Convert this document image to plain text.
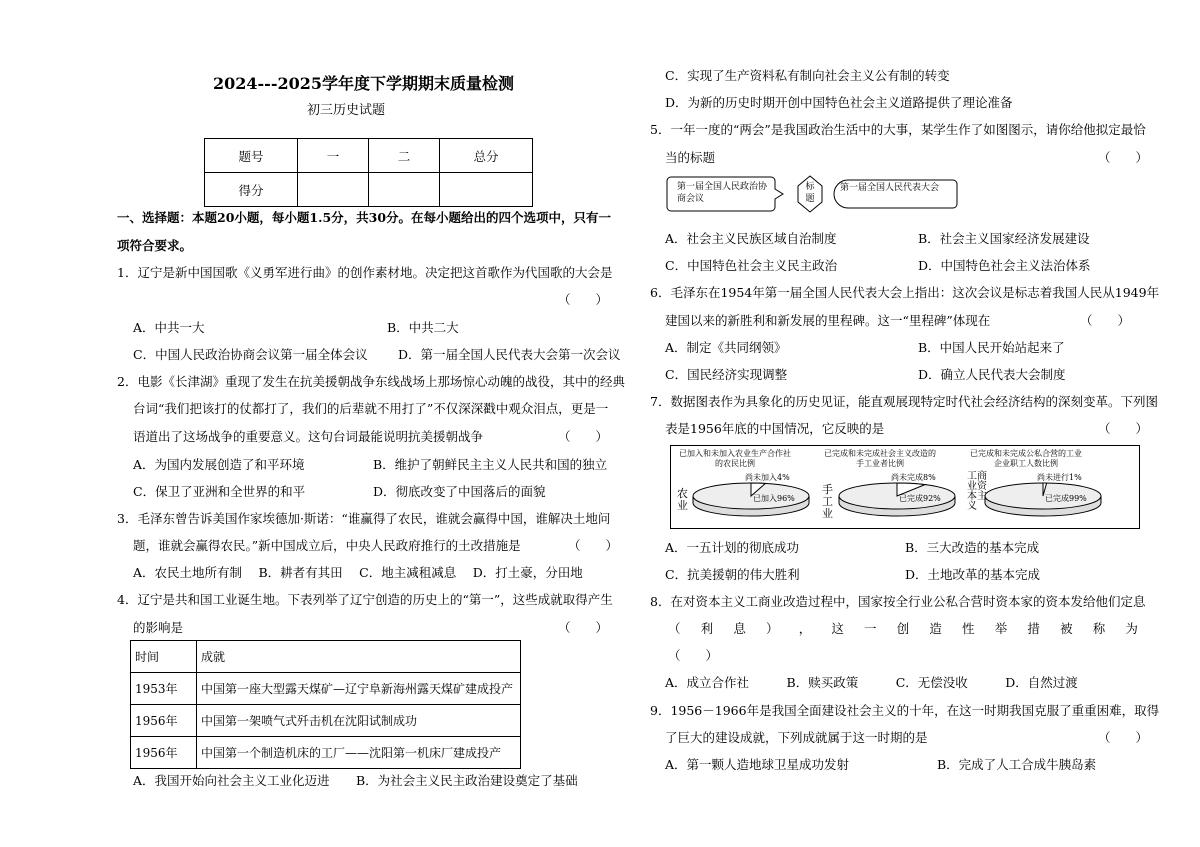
2024---2025学年度下学期期末质量检测
初三历史试题
题号	一	二	总分
得分			
一、选择题：本题20小题，每小题1.5分，共30分。在每小题给出的四个选项中，只有一
项符合要求。
1．辽宁是新中国国歌《义勇军进行曲》的创作素材地。决定把这首歌作为代国歌的大会是
（　　）
A．中共一大	B．中共二大
C．中国人民政治协商会议第一届全体会议 D．第一届全国人民代表大会第一次会议
2．电影《长津湖》重现了发生在抗美援朝战争东线战场上那场惊心动魄的战役，其中的经典
台词“我们把该打的仗都打了，我们的后辈就不用打了”不仅深深戳中观众泪点，更是一
语道出了这场战争的重要意义。这句台词最能说明抗美援朝战争	（　　）
A．为国内发展创造了和平环境	B．维护了朝鲜民主主义人民共和国的独立
C．保卫了亚洲和全世界的和平	D．彻底改变了中国落后的面貌
3．毛泽东曾告诉美国作家埃德加·斯诺：“谁赢得了农民，谁就会赢得中国，谁解决土地问
题，谁就会赢得农民。”新中国成立后，中央人民政府推行的土改措施是	（　　）
A．农民土地所有制　 B．耕者有其田　 C．地主减租减息　 D．打土豪，分田地
4．辽宁是共和国工业诞生地。下表列举了辽宁创造的历史上的“第一”，这些成就取得产生
的影响是	（　　）
时间	成就
1953年	中国第一座大型露天煤矿—辽宁阜新海州露天煤矿建成投产
1956年	中国第一架喷气式歼击机在沈阳试制成功
1956年	中国第一个制造机床的工厂——沈阳第一机床厂建成投产
A．我国开始向社会主义工业化迈进 B．为社会主义民主政治建设奠定了基础
C．实现了生产资料私有制向社会主义公有制的转变
D．为新的历史时期开创中国特色社会主义道路提供了理论准备
5．一年一度的“两会”是我国政治生活中的大事，某学生作了如图图示，请你给他拟定最恰
当的标题	（　　）
第一届全国人民政治协商会议
标题
第一届全国人民代表大会
A．社会主义民族区域自治制度	B．社会主义国家经济发展建设
C．中国特色社会主义民主政治	D．中国特色社会主义法治体系
6．毛泽东在1954年第一届全国人民代表大会上指出：这次会议是标志着我国人民从1949年
建国以来的新胜利和新发展的里程碑。这一“里程碑”体现在	（　　）
A．制定《共同纲领》	B．中国人民开始站起来了
C．国民经济实现调整	D．确立人民代表大会制度
7．数据图表作为具象化的历史见证，能直观展现特定时代社会经济结构的深刻变革。下列图
表是1956年底的中国情况，它反映的是	（　　）
已加入和未加入农业生产合作社的农民比例
已完成和未完成社会主义改造的手工业者比例
已完成和未完成公私合营的工业企业职工人数比例
已加入96%
尚未加入4%
已完成92%
尚未完成8%
已完成99%
尚未进行1%
农业
手工业
工商业资本主义
A．一五计划的彻底成功	B．三大改造的基本完成
C．抗美援朝的伟大胜利	D．土地改革的基本完成
8．在对资本主义工商业改造过程中，国家按全行业公私合营时资本家的资本发给他们定息
（ 利 息 ） ， 这 一 创 造 性 举 措 被 称 为
（　　）
A．成立合作社　　　B．赎买政策　　　C．无偿没收　　　D．自然过渡
9．1956－1966年是我国全面建设社会主义的十年，在这一时期我国克服了重重困难，取得
了巨大的建设成就，下列成就属于这一时期的是	（　　）
A．第一颗人造地球卫星成功发射	B．完成了人工合成牛胰岛素
